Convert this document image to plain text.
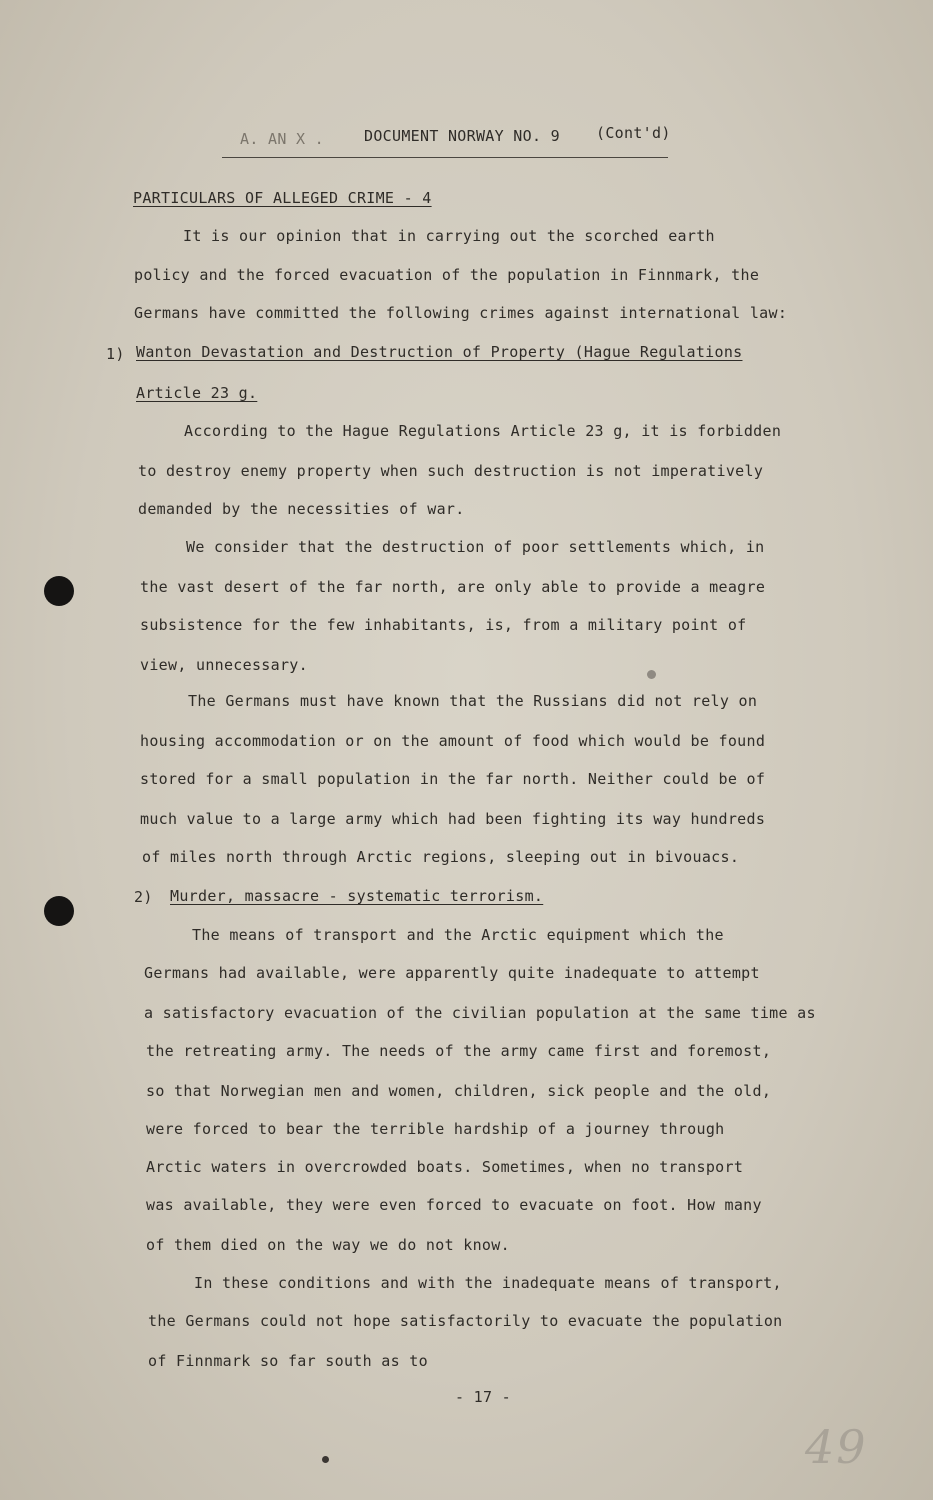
A. AN X .	DOCUMENT NORWAY NO. 9 (Cont'd)
PARTICULARS OF ALLEGED CRIME - 4
It is our opinion that in carrying out the scorched earth
policy and the forced evacuation of the population in Finnmark, the
Germans have committed the following crimes against international law:
1) Wanton Devastation and Destruction of Property (Hague Regulations
Article 23 g.
According to the Hague Regulations Article 23 g, it is forbidden
to destroy enemy property when such destruction is not imperatively
demanded by the necessities of war.
We consider that the destruction of poor settlements which, in
the vast desert of the far north, are only able to provide a meagre
subsistence for the few inhabitants, is, from a military point of
view, unnecessary.
The Germans must have known that the Russians did not rely on
housing accommodation or on the amount of food which would be found
stored for a small population in the far north. Neither could be of
much value to a large army which had been fighting its way hundreds
of miles north through Arctic regions, sleeping out in bivouacs.
2) Murder, massacre - systematic terrorism.
The means of transport and the Arctic equipment which the
Germans had available, were apparently quite inadequate to attempt
a satisfactory evacuation of the civilian population at the same time as
the retreating army. The needs of the army came first and foremost,
so that Norwegian men and women, children, sick people and the old,
were forced to bear the terrible hardship of a journey through
Arctic waters in overcrowded boats. Sometimes, when no transport
was available, they were even forced to evacuate on foot. How many
of them died on the way we do not know.
In these conditions and with the inadequate means of transport,
the Germans could not hope satisfactorily to evacuate the population
of Finnmark so far south as to
- 17 -
49
